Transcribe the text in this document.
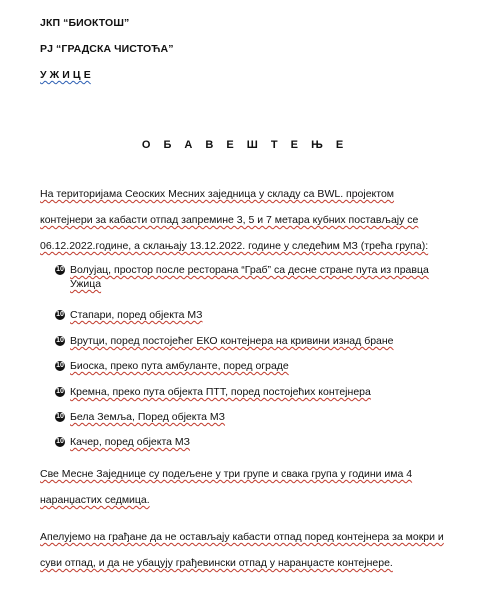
ЈКП “БИОКТОШ”
РЈ “ГРАДСКА ЧИСТОЋА”
У Ж И Ц Е
О Б А В Е Ш Т Е Њ Е
На територијама Сеоских Месних заједница у складу са BWL. пројектом
контејнери за кабасти отпад запремине 3, 5 и 7 метара кубних постављају се
06.12.2022.године, а склањају 13.12.2022. године у следећим МЗ (трећа група):
10 Волујац, простор после ресторана “Граб” са десне стране пута из правца
Ужица
10 Стапари, поред објекта МЗ
10 Врутци, поред постојећег ЕКО контејнера на кривини изнад бране
10 Биоска, преко пута амбуланте, поред ограде
10 Кремна, преко пута објекта ПТТ, поред постојећих контејнера
10 Бела Земља, Поред објекта МЗ
10 Качер, поред објекта МЗ
Све Месне Заједнице су подељене у три групе и свака група у години има 4
наранџастих седмица.
Апелујемо на грађане да не остављају кабасти отпад поред контејнера за мокри и
суви отпад, и да не убацују грађевински отпад у наранџасте контејнере.
